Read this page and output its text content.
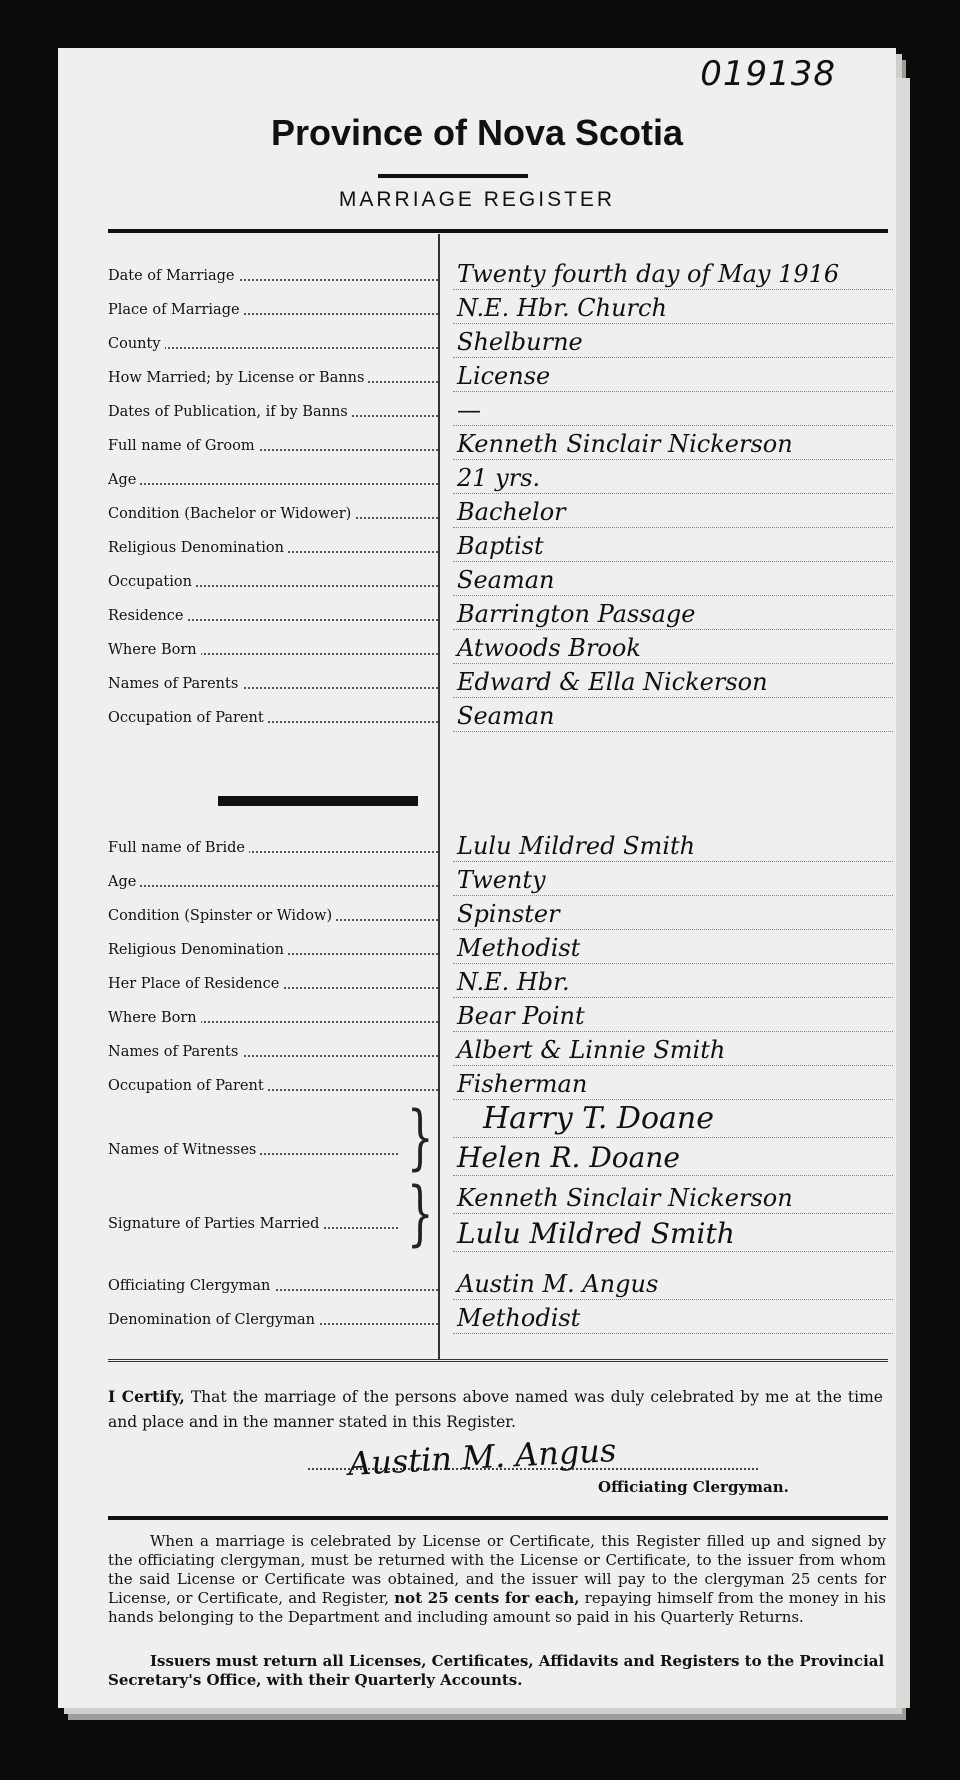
019138
Province of Nova Scotia
MARRIAGE REGISTER
Date of Marriage	Twenty fourth day of May 1916
Place of Marriage	N.E. Hbr. Church
County	Shelburne
How Married; by License or Banns	License
Dates of Publication, if by Banns	—
Full name of Groom	Kenneth Sinclair Nickerson
Age	21 yrs.
Condition (Bachelor or Widower)	Bachelor
Religious Denomination	Baptist
Occupation	Seaman
Residence	Barrington Passage
Where Born	Atwoods Brook
Names of Parents	Edward & Ella Nickerson
Occupation of Parent	Seaman
Full name of Bride	Lulu Mildred Smith
Age	Twenty
Condition (Spinster or Widow)	Spinster
Religious Denomination	Methodist
Her Place of Residence	N.E. Hbr.
Where Born	Bear Point
Names of Parents	Albert & Linnie Smith
Occupation of Parent	Fisherman
Harry T. Doane
Names of Witnesses	Helen R. Doane
}
Kenneth Sinclair Nickerson
Signature of Parties Married	Lulu Mildred Smith
}
Officiating Clergyman	Austin M. Angus
Denomination of Clergyman	Methodist
I Certify, That the marriage of the persons above named was duly celebrated by me at the time and place and in the manner stated in this Register.
Austin M. Angus
Officiating Clergyman.
When a marriage is celebrated by License or Certificate, this Register filled up and signed by the officiating clergyman, must be returned with the License or Certificate, to the issuer from whom the said License or Certificate was obtained, and the issuer will pay to the clergyman 25 cents for License, or Certificate, and Register, not 25 cents for each, repaying himself from the money in his hands belonging to the Department and including amount so paid in his Quarterly Returns.
Issuers must return all Licenses, Certificates, Affidavits and Registers to the Provincial Secretary's Office, with their Quarterly Accounts.
